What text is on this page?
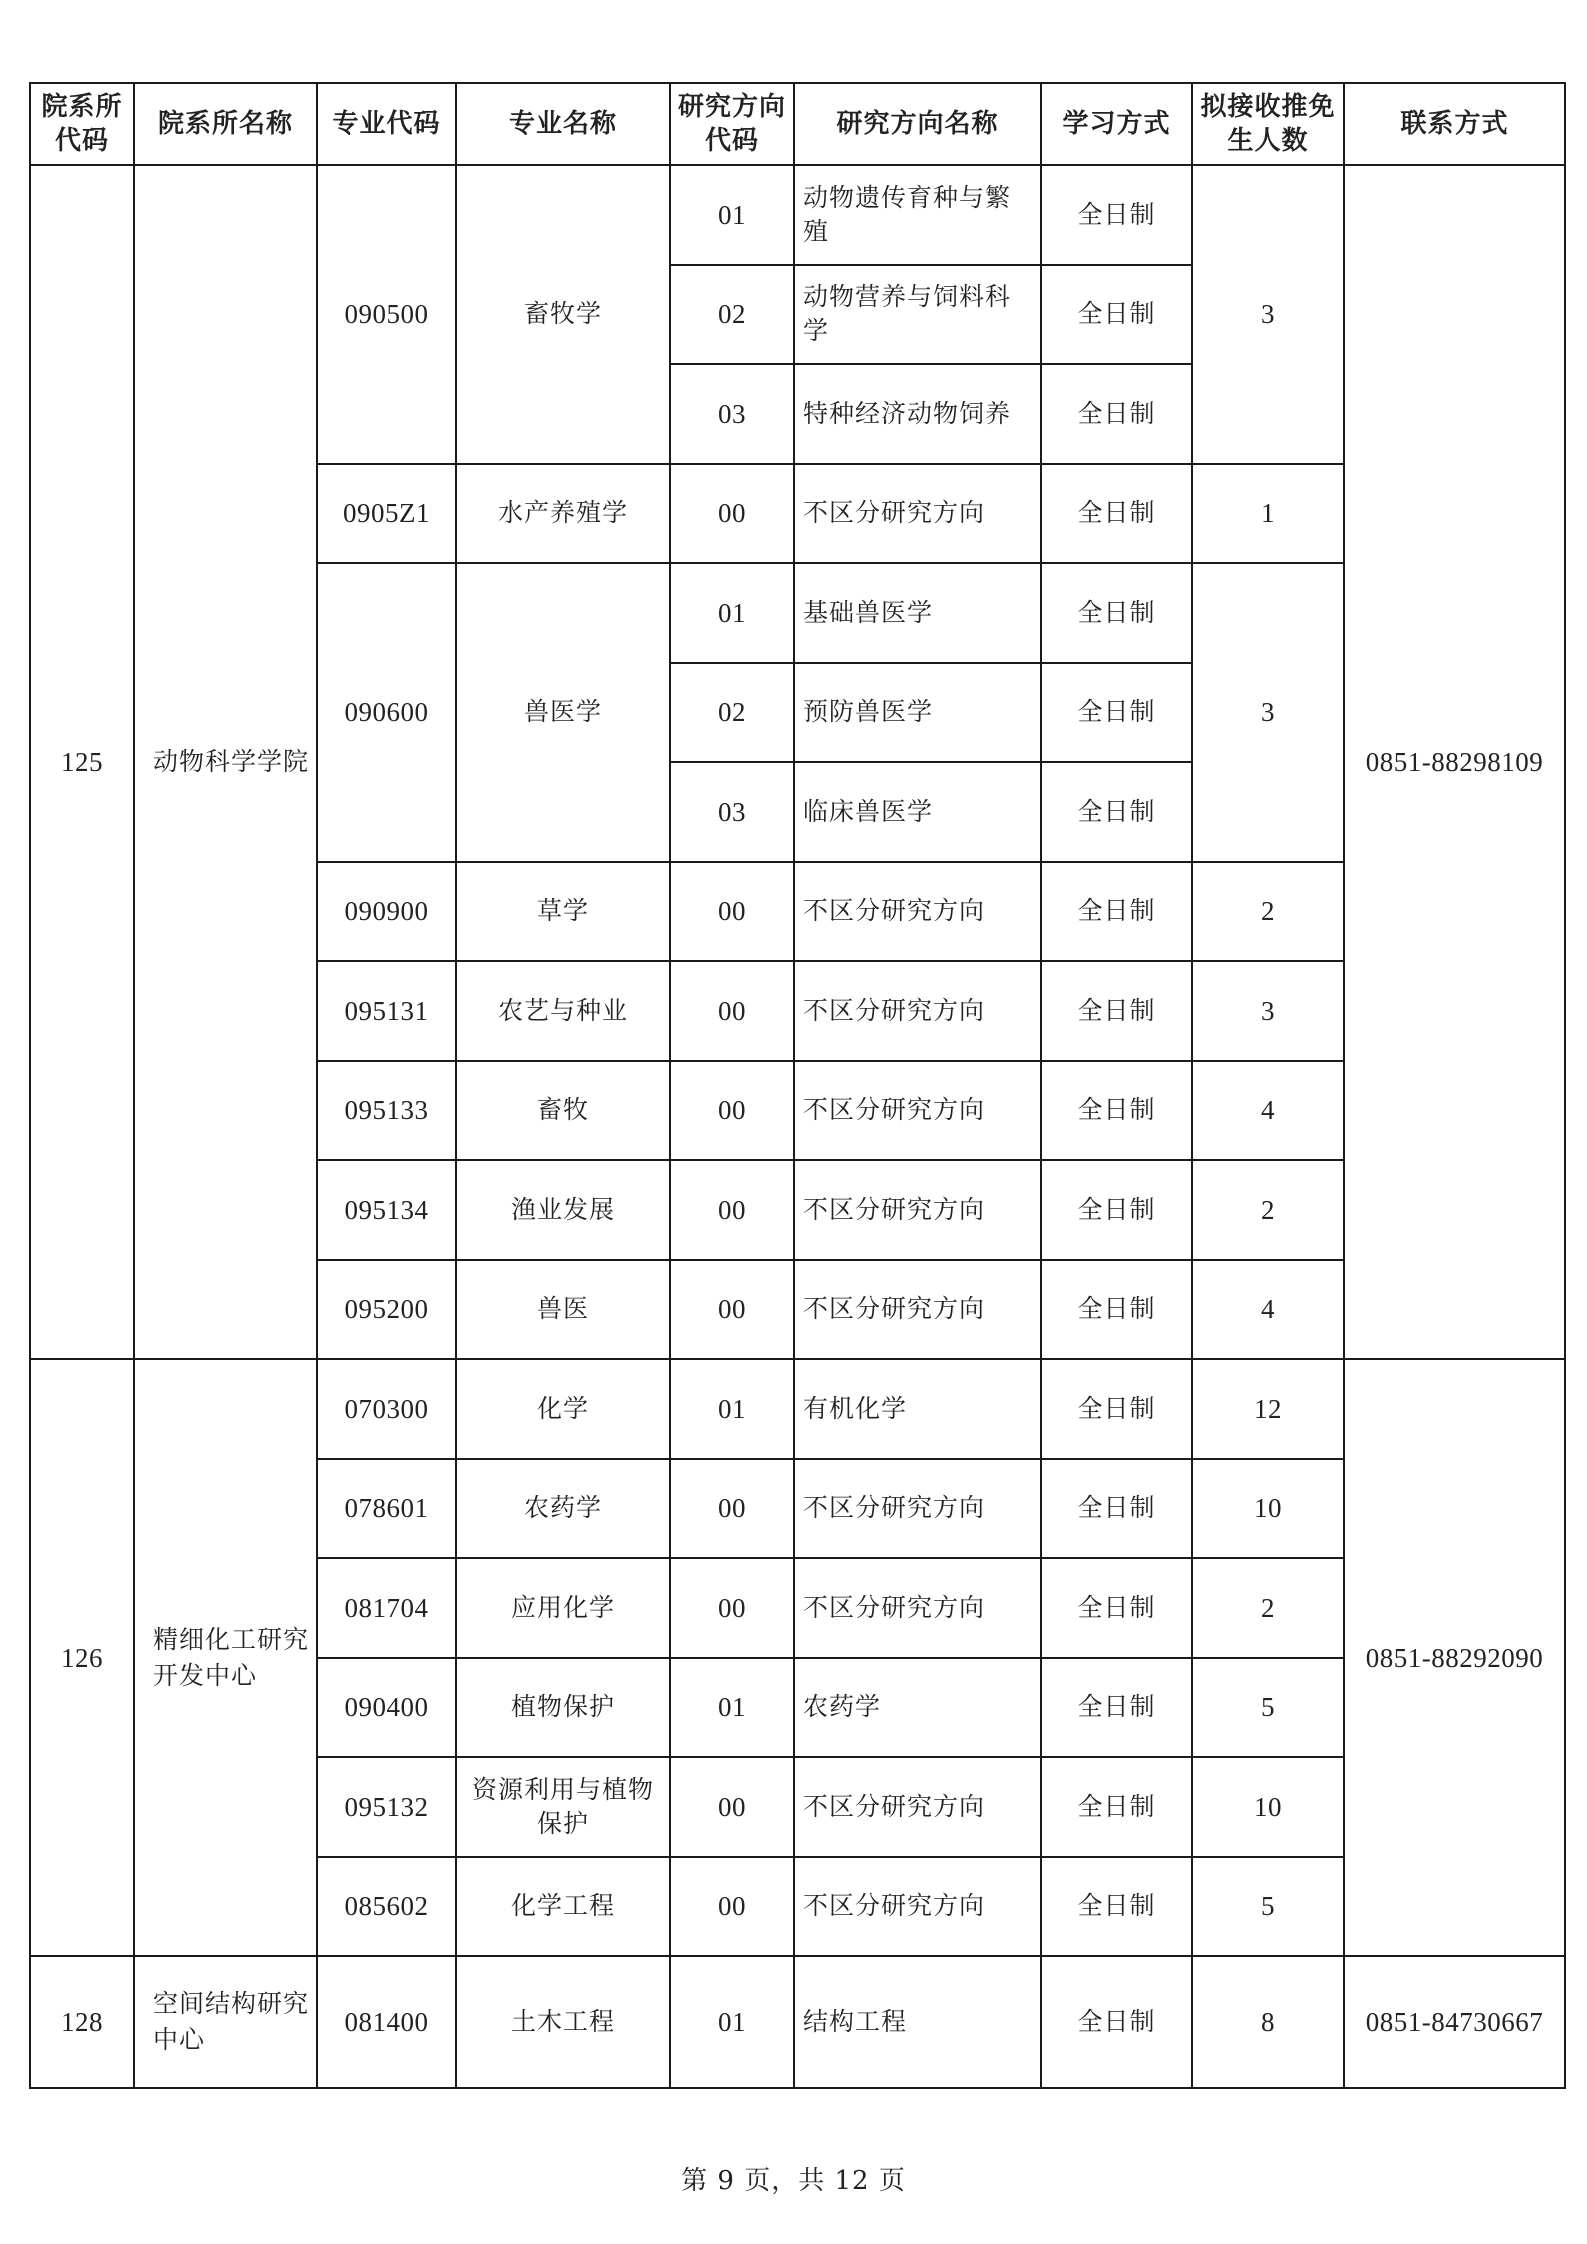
院系所代码	院系所名称	专业代码	专业名称	研究方向代码	研究方向名称	学习方式	拟接收推免生人数	联系方式
125	动物科学学院	090500	畜牧学	01	动物遗传育种与繁殖	全日制	3	0851-88298109
				02	动物营养与饲料科学	全日制		
				03	特种经济动物饲养	全日制		
		0905Z1	水产养殖学	00	不区分研究方向	全日制	1	
		090600	兽医学	01	基础兽医学	全日制	3	
				02	预防兽医学	全日制		
				03	临床兽医学	全日制		
		090900	草学	00	不区分研究方向	全日制	2	
		095131	农艺与种业	00	不区分研究方向	全日制	3	
		095133	畜牧	00	不区分研究方向	全日制	4	
		095134	渔业发展	00	不区分研究方向	全日制	2	
		095200	兽医	00	不区分研究方向	全日制	4	
126	精细化工研究开发中心	070300	化学	01	有机化学	全日制	12	0851-88292090
		078601	农药学	00	不区分研究方向	全日制	10	
		081704	应用化学	00	不区分研究方向	全日制	2	
		090400	植物保护	01	农药学	全日制	5	
		095132	资源利用与植物保护	00	不区分研究方向	全日制	10	
		085602	化学工程	00	不区分研究方向	全日制	5	
128	空间结构研究中心	081400	土木工程	01	结构工程	全日制	8	0851-84730667
第 9 页，共 12 页
